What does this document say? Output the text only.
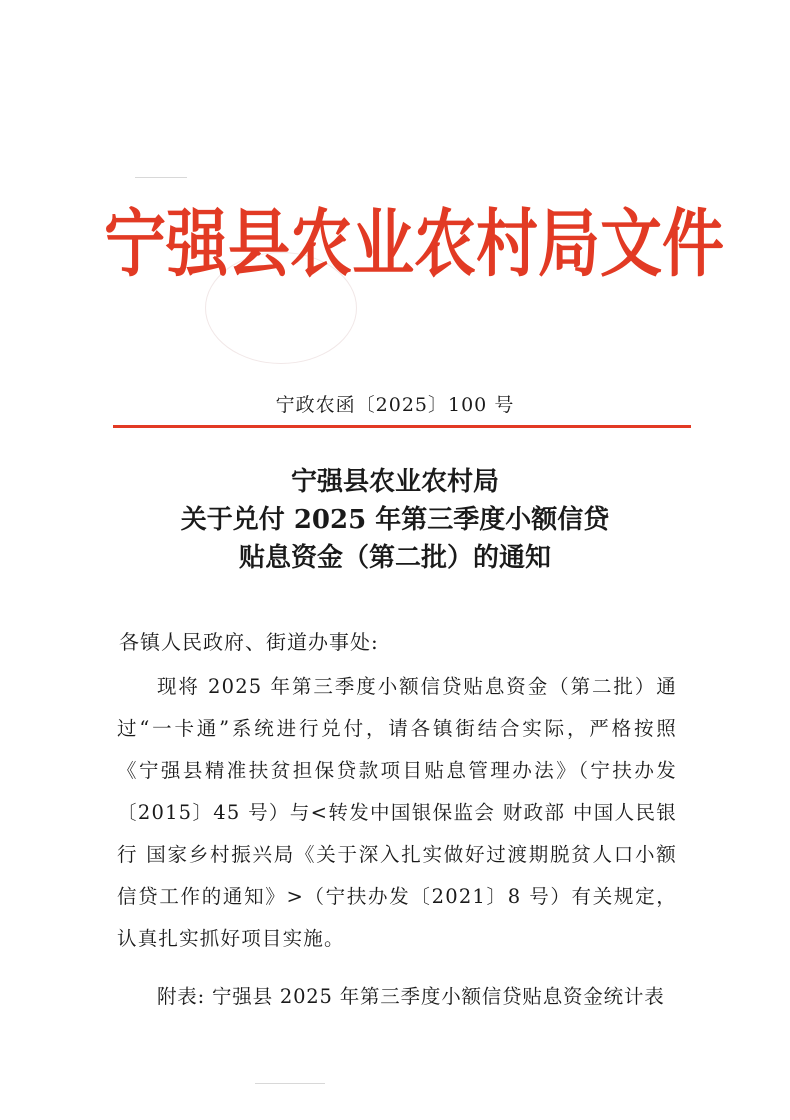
宁强县农业农村局文件
宁政农函〔2025〕100 号
宁强县农业农村局
关于兑付 2025 年第三季度小额信贷
贴息资金（第二批）的通知
各镇人民政府、街道办事处:

现将 2025 年第三季度小额信贷贴息资金（第二批）通过“一卡通”系统进行兑付，请各镇街结合实际，严格按照《宁强县精准扶贫担保贷款项目贴息管理办法》（宁扶办发〔2015〕45 号）与<转发中国银保监会 财政部 中国人民银行 国家乡村振兴局《关于深入扎实做好过渡期脱贫人口小额信贷工作的通知》>（宁扶办发〔2021〕8 号）有关规定，认真扎实抓好项目实施。

附表: 宁强县 2025 年第三季度小额信贷贴息资金统计表
